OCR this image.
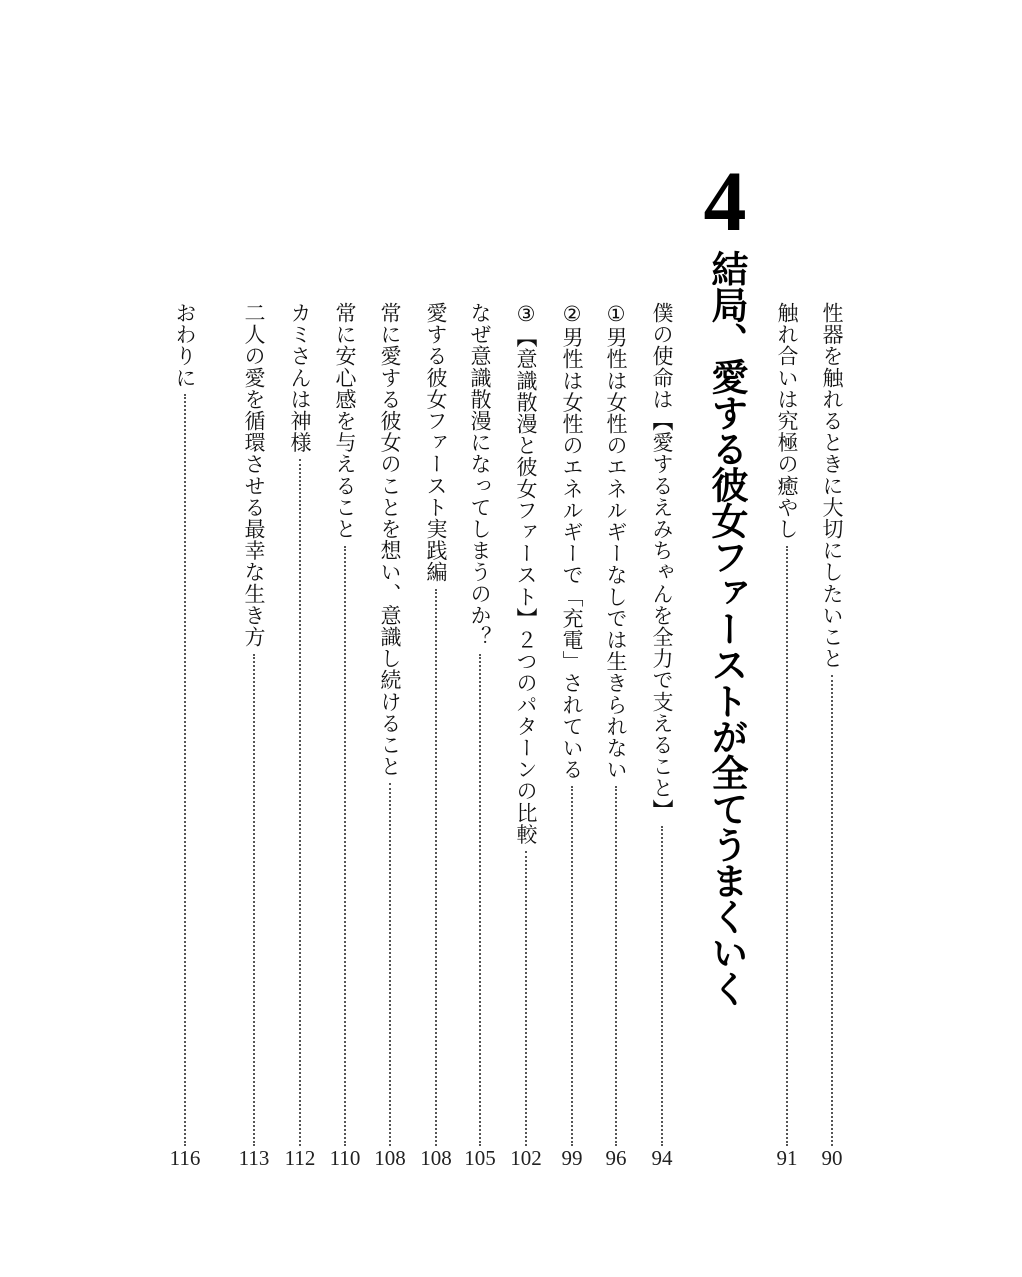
4
結局、愛する彼女ファーストが全てうまくいく	性器を触れるときに大切にしたいこと
90
触れ合いは究極の癒やし
91
僕の使命は【愛するえみちゃんを全力で支えること】
94
①男性は女性のエネルギーなしでは生きられない
96
②男性は女性のエネルギーで「充電」されている
99
③【意識散漫と彼女ファースト】２つのパターンの比較
102
なぜ意識散漫になってしまうのか？
105
愛する彼女ファースト実践編
108
常に愛する彼女のことを想い、意識し続けること
108
常に安心感を与えること
110
カミさんは神様
112
二人の愛を循環させる最幸な生き方
113
おわりに
116
